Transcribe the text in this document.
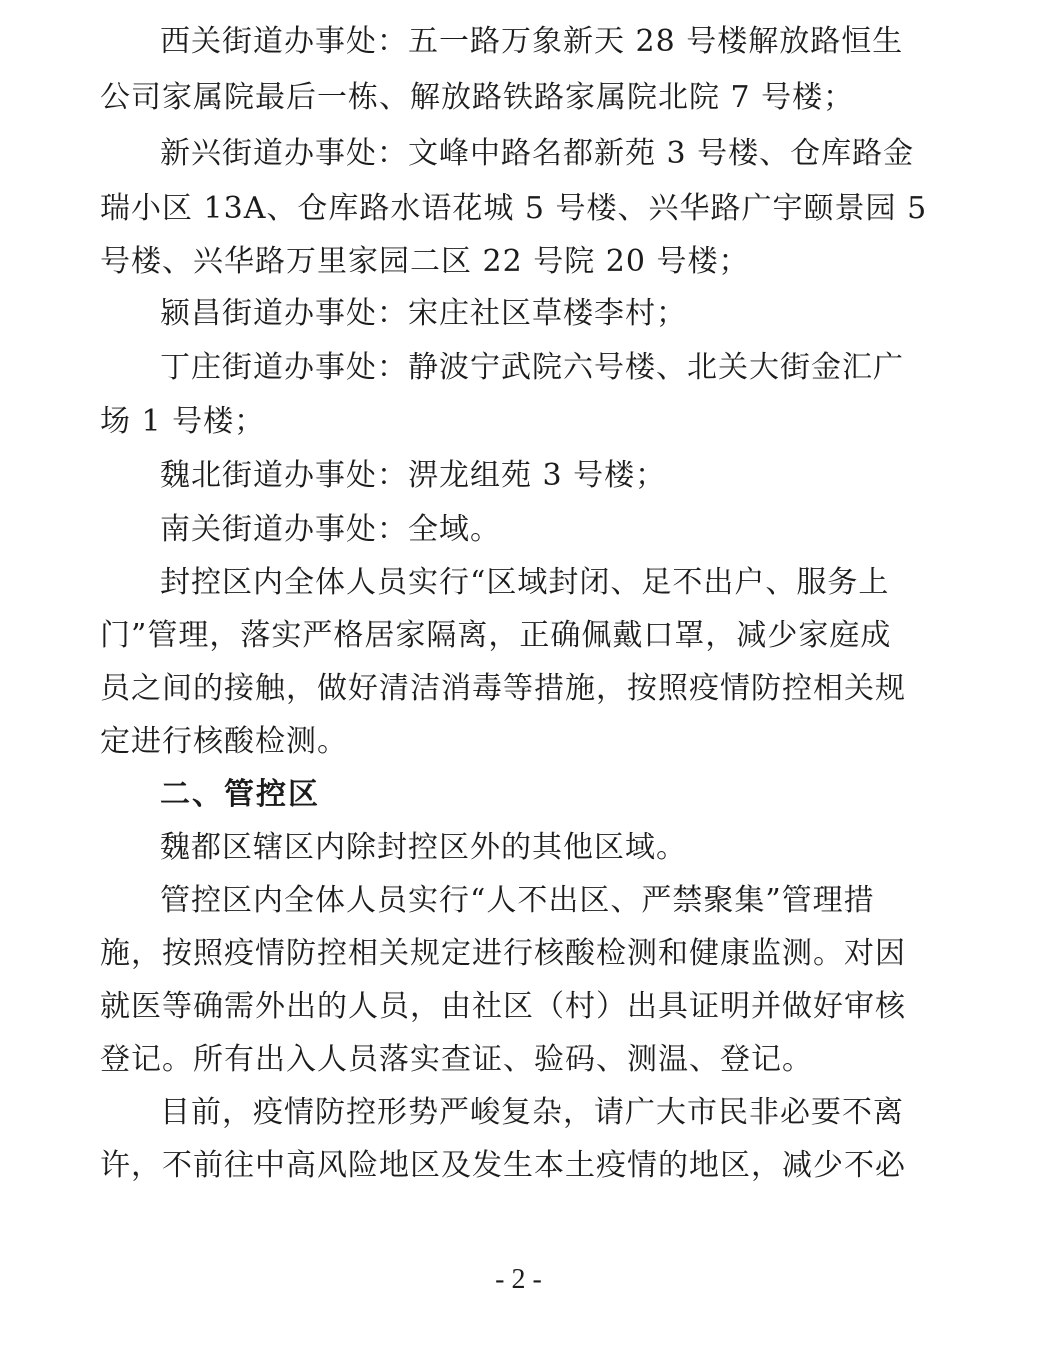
西关街道办事处：五一路万象新天 28 号楼解放路恒生
公司家属院最后一栋、解放路铁路家属院北院 7 号楼；
新兴街道办事处：文峰中路名都新苑 3 号楼、仓库路金
瑞小区 13A、仓库路水语花城 5 号楼、兴华路广宇颐景园 5
号楼、兴华路万里家园二区 22 号院 20 号楼；
颍昌街道办事处：宋庄社区草楼李村；
丁庄街道办事处：静波宁武院六号楼、北关大街金汇广
场 1 号楼；
魏北街道办事处：淠龙组苑 3 号楼；
南关街道办事处：全域。
封控区内全体人员实行“区域封闭、足不出户、服务上
门”管理，落实严格居家隔离，正确佩戴口罩，减少家庭成
员之间的接触，做好清洁消毒等措施，按照疫情防控相关规
定进行核酸检测。
二、管控区
魏都区辖区内除封控区外的其他区域。
管控区内全体人员实行“人不出区、严禁聚集”管理措
施，按照疫情防控相关规定进行核酸检测和健康监测。对因
就医等确需外出的人员，由社区（村）出具证明并做好审核
登记。所有出入人员落实查证、验码、测温、登记。
目前，疫情防控形势严峻复杂，请广大市民非必要不离
许，不前往中高风险地区及发生本土疫情的地区，减少不必
- 2 -
